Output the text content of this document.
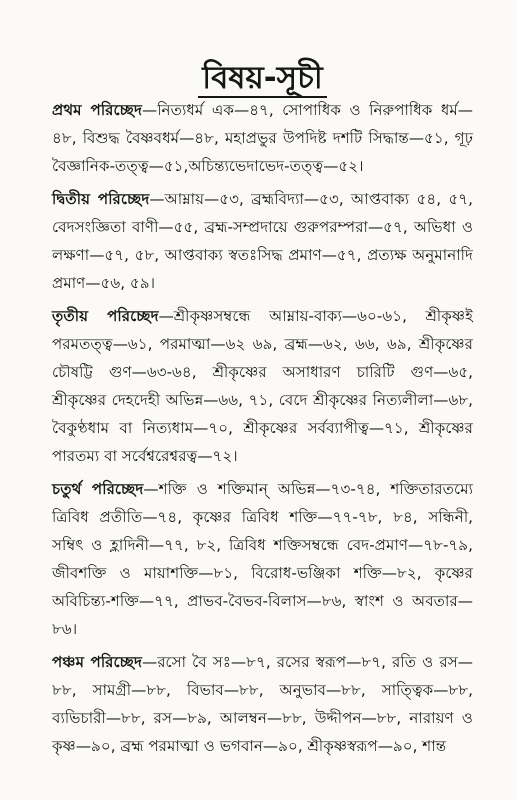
বিষয়-সূচী

প্রথম পরিচ্ছেদ—নিত্যধর্ম এক—৪৭, সোপাধিক ও নিরুপাধিক ধর্ম—৪৮, বিশুদ্ধ বৈষ্ণবধর্ম—৪৮, মহাপ্রভুর উপদিষ্ট দশটি সিদ্ধান্ত—৫১, গূঢ় বৈজ্ঞানিক-তত্ত্ব—৫১,অচিন্ত্যভেদাভেদ-তত্ত্ব—৫২।

দ্বিতীয় পরিচ্ছেদ—আম্নায়—৫৩, ব্রহ্মবিদ্যা—৫৩, আপ্তবাক্য ৫৪, ৫৭, বেদসংজ্ঞিতা বাণী—৫৫, ব্রহ্ম-সম্প্রদায়ে গুরুপরম্পরা—৫৭, অভিধা ও লক্ষণা—৫৭, ৫৮, আপ্তবাক্য স্বতঃসিদ্ধ প্রমাণ—৫৭, প্রত্যক্ষ অনুমানাদি প্রমাণ—৫৬, ৫৯।

তৃতীয় পরিচ্ছেদ—শ্রীকৃষ্ণসম্বন্ধে আম্নায়-বাক্য—৬০-৬১, শ্রীকৃষ্ণই পরমতত্ত্ব—৬১, পরমাত্মা—৬২ ৬৯, ব্রহ্ম—৬২, ৬৬, ৬৯, শ্রীকৃষ্ণের চৌষট্টি গুণ—৬৩-৬৪, শ্রীকৃষ্ণের অসাধারণ চারিটি গুণ—৬৫, শ্রীকৃষ্ণের দেহদেহী অভিন্ন—৬৬, ৭১, বেদে শ্রীকৃষ্ণের নিত্যলীলা—৬৮, বৈকুণ্ঠধাম বা নিত্যধাম—৭০, শ্রীকৃষ্ণের সর্বব্যাপীত্ব—৭১, শ্রীকৃষ্ণের পারতম্য বা সর্বেশ্বরেশ্বরত্ব—৭২।

চতুর্থ পরিচ্ছেদ—শক্তি ও শক্তিমান্ অভিন্ন—৭৩-৭৪, শক্তিতারতম্যে ত্রিবিধ প্রতীতি—৭৪, কৃষ্ণের ত্রিবিধ শক্তি—৭৭-৭৮, ৮৪, সন্ধিনী, সম্বিৎ ও হ্লাদিনী—৭৭, ৮২, ত্রিবিধ শক্তিসম্বন্ধে বেদ-প্রমাণ—৭৮-৭৯, জীবশক্তি ও মায়াশক্তি—৮১, বিরোধ-ভঞ্জিকা শক্তি—৮২, কৃষ্ণের অবিচিন্ত্য-শক্তি—৭৭, প্রাভব-বৈভব-বিলাস—৮৬, স্বাংশ ও অবতার—৮৬।

পঞ্চম পরিচ্ছেদ—রসো বৈ সঃ—৮৭, রসের স্বরূপ—৮৭, রতি ও রস—৮৮, সামগ্রী—৮৮, বিভাব—৮৮, অনুভাব—৮৮, সাত্ত্বিক—৮৮, ব্যভিচারী—৮৮, রস—৮৯, আলম্বন—৮৮, উদ্দীপন—৮৮, নারায়ণ ও কৃষ্ণ—৯০, ব্রহ্ম পরমাত্মা ও ভগবান—৯০, শ্রীকৃষ্ণস্বরূপ—৯০, শান্ত
